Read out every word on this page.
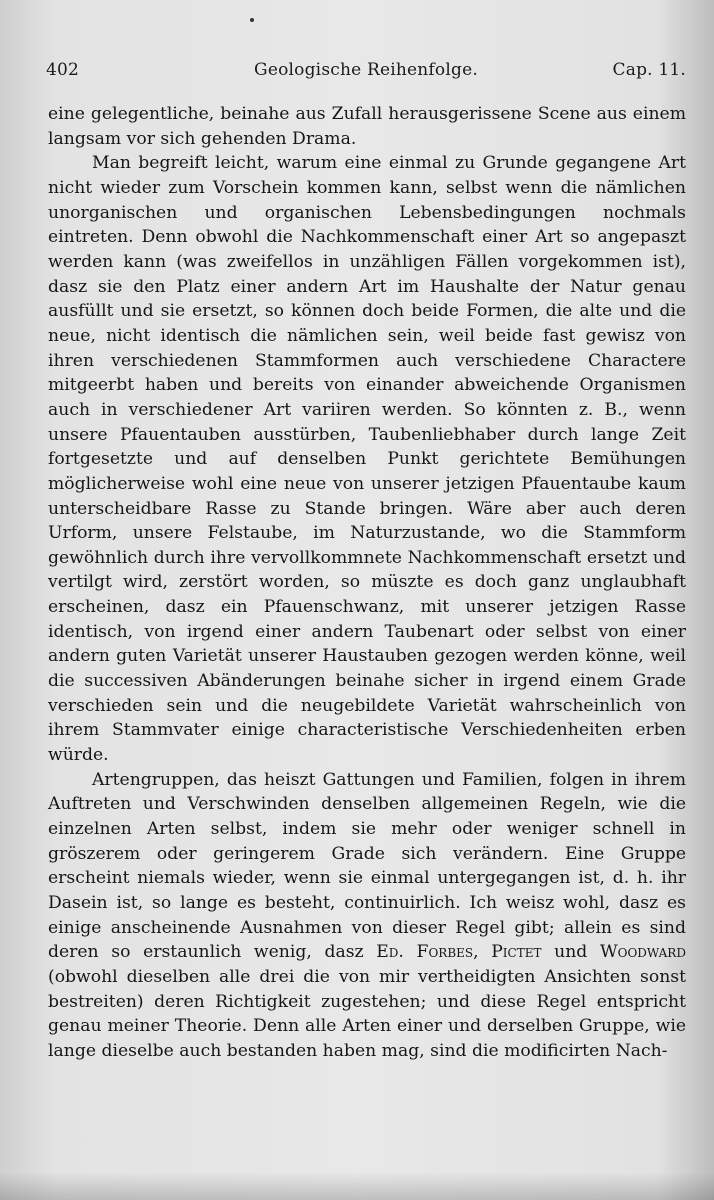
402	Geologische Reihenfolge.	Cap. 11.

eine gelegentliche, beinahe aus Zufall herausgerissene Scene aus einem langsam vor sich gehenden Drama.

Man begreift leicht, warum eine einmal zu Grunde gegangene Art nicht wieder zum Vorschein kommen kann, selbst wenn die nämlichen unorganischen und organischen Lebensbedingungen nochmals eintreten. Denn obwohl die Nachkommenschaft einer Art so angepaszt werden kann (was zweifellos in unzähligen Fällen vorgekommen ist), dasz sie den Platz einer andern Art im Haushalte der Natur genau ausfüllt und sie ersetzt, so können doch beide Formen, die alte und die neue, nicht identisch die nämlichen sein, weil beide fast gewisz von ihren verschiedenen Stammformen auch verschiedene Charactere mitgeerbt haben und bereits von einander abweichende Organismen auch in verschiedener Art variiren werden. So könnten z. B., wenn unsere Pfauentauben ausstürben, Taubenliebhaber durch lange Zeit fortgesetzte und auf denselben Punkt gerichtete Bemühungen möglicherweise wohl eine neue von unserer jetzigen Pfauentaube kaum unterscheidbare Rasse zu Stande bringen. Wäre aber auch deren Urform, unsere Felstaube, im Naturzustande, wo die Stammform gewöhnlich durch ihre vervollkommnete Nachkommenschaft ersetzt und vertilgt wird, zerstört worden, so müszte es doch ganz unglaubhaft erscheinen, dasz ein Pfauenschwanz, mit unserer jetzigen Rasse identisch, von irgend einer andern Taubenart oder selbst von einer andern guten Varietät unserer Haustauben gezogen werden könne, weil die successiven Abänderungen beinahe sicher in irgend einem Grade verschieden sein und die neugebildete Varietät wahrscheinlich von ihrem Stammvater einige characteristische Verschiedenheiten erben würde.

Artengruppen, das heiszt Gattungen und Familien, folgen in ihrem Auftreten und Verschwinden denselben allgemeinen Regeln, wie die einzelnen Arten selbst, indem sie mehr oder weniger schnell in gröszerem oder geringerem Grade sich verändern. Eine Gruppe erscheint niemals wieder, wenn sie einmal untergegangen ist, d. h. ihr Dasein ist, so lange es besteht, continuirlich. Ich weisz wohl, dasz es einige anscheinende Ausnahmen von dieser Regel gibt; allein es sind deren so erstaunlich wenig, dasz Ed. Forbes, Pictet und Woodward (obwohl dieselben alle drei die von mir vertheidigten Ansichten sonst bestreiten) deren Richtigkeit zugestehen; und diese Regel entspricht genau meiner Theorie. Denn alle Arten einer und derselben Gruppe, wie lange dieselbe auch bestanden haben mag, sind die modificirten Nach-
